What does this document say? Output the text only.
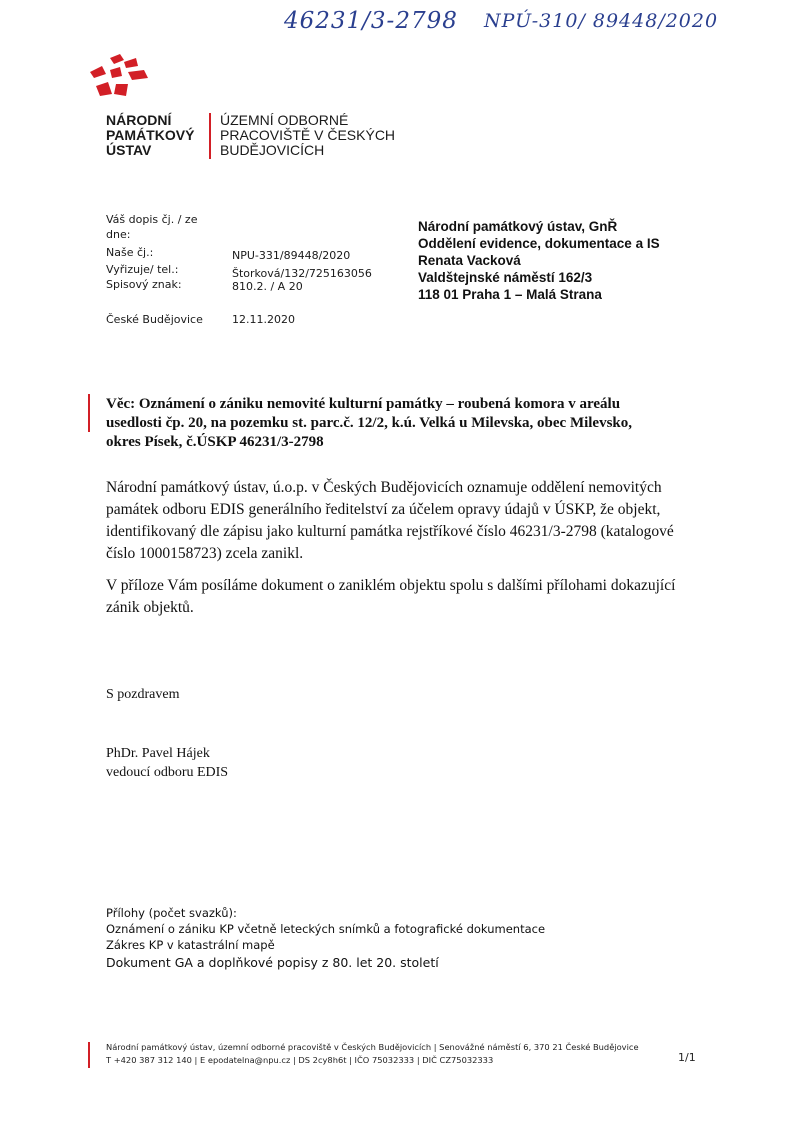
46231/3-2798 NPÚ-310/ 89448/2020
NÁRODNÍ
PAMÁTKOVÝ
ÚSTAV
ÚZEMNÍ ODBORNÉ
PRACOVIŠTĚ V ČESKÝCH
BUDĚJOVICÍCH
Váš dopis čj. / ze dne:
Naše čj.:	NPU-331/89448/2020
Vyřizuje/ tel.:	Štorková/132/725163056
Spisový znak:	810.2. / A 20
České Budějovice	12.11.2020
Národní památkový ústav, GnŘ
Oddělení evidence, dokumentace a IS
Renata Vacková
Valdštejnské náměstí 162/3
118 01 Praha 1 – Malá Strana
Věc: Oznámení o zániku nemovité kulturní památky – roubená komora v areálu
usedlosti čp. 20, na pozemku st. parc.č. 12/2, k.ú. Velká u Milevska, obec Milevsko,
okres Písek, č.ÚSKP 46231/3-2798
Národní památkový ústav, ú.o.p. v Českých Budějovicích oznamuje oddělení nemovitých
památek odboru EDIS generálního ředitelství za účelem opravy údajů v ÚSKP, že objekt,
identifikovaný dle zápisu jako kulturní památka rejstříkové číslo 46231/3-2798 (katalogové
číslo 1000158723) zcela zanikl.
V příloze Vám posíláme dokument o zaniklém objektu spolu s dalšími přílohami dokazující
zánik objektů.
S pozdravem
PhDr. Pavel Hájek
vedoucí odboru EDIS
Přílohy (počet svazků):
Oznámení o zániku KP včetně leteckých snímků a fotografické dokumentace
Zákres KP v katastrální mapě
Dokument GA a doplňkové popisy z 80. let 20. století
Národní památkový ústav, územní odborné pracoviště v Českých Budějovicích | Senovážné náměstí 6, 370 21 České Budějovice
T +420 387 312 140 | E epodatelna@npu.cz | DS 2cy8h6t | IČO 75032333 | DIČ CZ75032333	1/1
